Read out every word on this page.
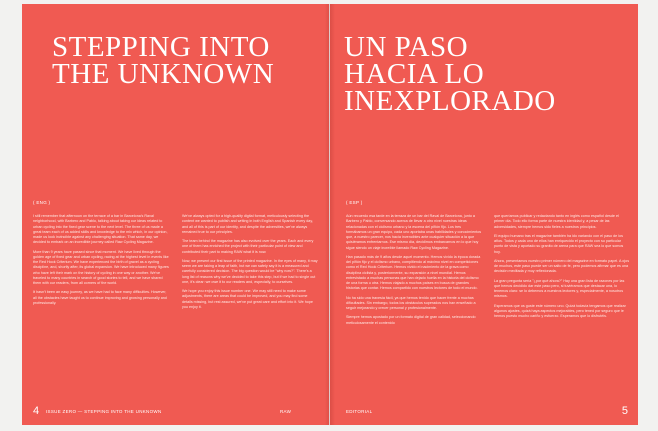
STEPPING INTO
THE UNKNOWN
( ENG )

I still remember that afternoon on the terrace of a bar in Barcelona's Raval neighborhood, with Barbero and Pablo, talking about taking our ideas related to urban cycling into the fixed gear scene to the next level. The three of us made a great team each of us added skills and knowledge to the mix which, in our opinion, made us look invincible against any challenging situation. That same day, we decided to embark on an incredible journey called Raw Cycling Magazine.

More than 9 years have passed since that moment. We have lived through the golden age of fixed gear and urban cycling, racing at the highest level in events like the Red Hook Criterium. We have experienced the birth of gravel as a cycling discipline, and, shortly after, its global expansion. We have introduced many figures who have left their mark on the history of cycling in one way or another. We've traveled to many countries in search of good stories to tell, and we have shared them with our readers, from all corners of the world.

It hasn't been an easy journey, as we have had to face many difficulties. However, all the obstacles have taught us to continue improving and growing personally and professionally.

We've always opted for a high-quality digital format, meticulously selecting the content we wanted to publish and writing in both English and Spanish every day, and all of this is part of our identity, and despite the adversities, we've always remained true to our principles.

The team behind the magazine has also evolved over the years. Each and every one of them has enriched the project with their particular point of view and contributed their part to making RAW what it is now.

Now, we present our first issue of the printed magazine. In the eyes of many, it may seem we are taking a leap of faith, but we can safely say it is a measured and carefully considered decision. The big question would be "why now?". There's a long list of reasons why we've decided to take this step, but if we had to single out one, it's clear: we owe it to our readers and, especially, to ourselves.

We hope you enjoy this issue number one. We may still need to make some adjustments, there are areas that could be improved, and you may find some details missing, but rest assured, we've put great care and effort into it. We hope you enjoy it.

4 ISSUE ZERO — STEPPING INTO THE UNKNOWN	RAW
UN PASO
HACIA LO
INEXPLORADO
( ESP )

Aún recuerdo esa tarde en la terraza de un bar del Raval de Barcelona, junto a Barbero y Pablo, conversando acerca de llevar a otro nivel nuestras ideas relacionadas con el ciclismo urbano y la escena del piñón fijo. Los tres formábamos un gran equipo, cada uno aportaba unas habilidades y conocimientos que, a nuestro parecer, nos hacía invencibles ante cualquier situación a la que quisiéramos enfrentarnos. Ese mismo día, decidimos embarcarnos en lo que hoy sigue siendo un viaje increíble llamado Raw Cycling Magazine.

Han pasado más de 9 años desde aquel momento. Hemos vivido la época dorada del piñón fijo y el ciclismo urbano, compitiendo al máximo nivel en competiciones como el Red Hook Criterium. Hemos vivido el nacimiento de la grava como disciplina ciclista y, posteriormente, su expansión a nivel mundial. Hemos entrevistado a muchas personas que han dejado huella en la historia del ciclismo de una forma u otra. Hemos viajado a muchos países en busca de grandes historias que contar. Hemos compartido con nuestros lectores de todo el mundo.

No ha sido una travesía fácil, ya que hemos tenido que hacer frente a muchas dificultades. Sin embargo, todos los obstáculos superados nos han enseñado a seguir mejorando y crecer personal y profesionalmente.

Siempre hemos apostado por un formato digital de gran calidad, seleccionando meticulosamente el contenido

que queríamos publicar y redactando tanto en inglés como español desde el primer día. Todo ello forma parte de nuestra identidad y, a pesar de las adversidades, siempre hemos sido fieles a nuestros principios.

El equipo humano tras el magazine también ha ido variando con el paso de los años. Todos y cada uno de ellos han enriquecido el proyecto con su particular punto de vista y aportado su granito de arena para que RAW sea lo que somos hoy.

Ahora, presentamos nuestro primer número del magazine en formato papel. A ojos de muchos, este paso puede ser un salto de fe, pero podemos afirmar que es una decisión meditada y muy reflexionada.

La gran pregunta sería "¿por qué ahora?" Hay una gran lista de razones por las que hemos decidido dar este paso pero, si tuviéramos que destacar una, lo tenemos claro: se lo debemos a nuestros lectores y, especialmente, a nosotros mismos.

Esperamos que os guste este número uno. Quizá todavía tengamos que realizar algunos ajustes, quizá haya aspectos mejorables, pero tened por seguro que le hemos puesto mucho cariño y esfuerzo. Esperamos que lo disfrutéis.

EDITORIAL	5
